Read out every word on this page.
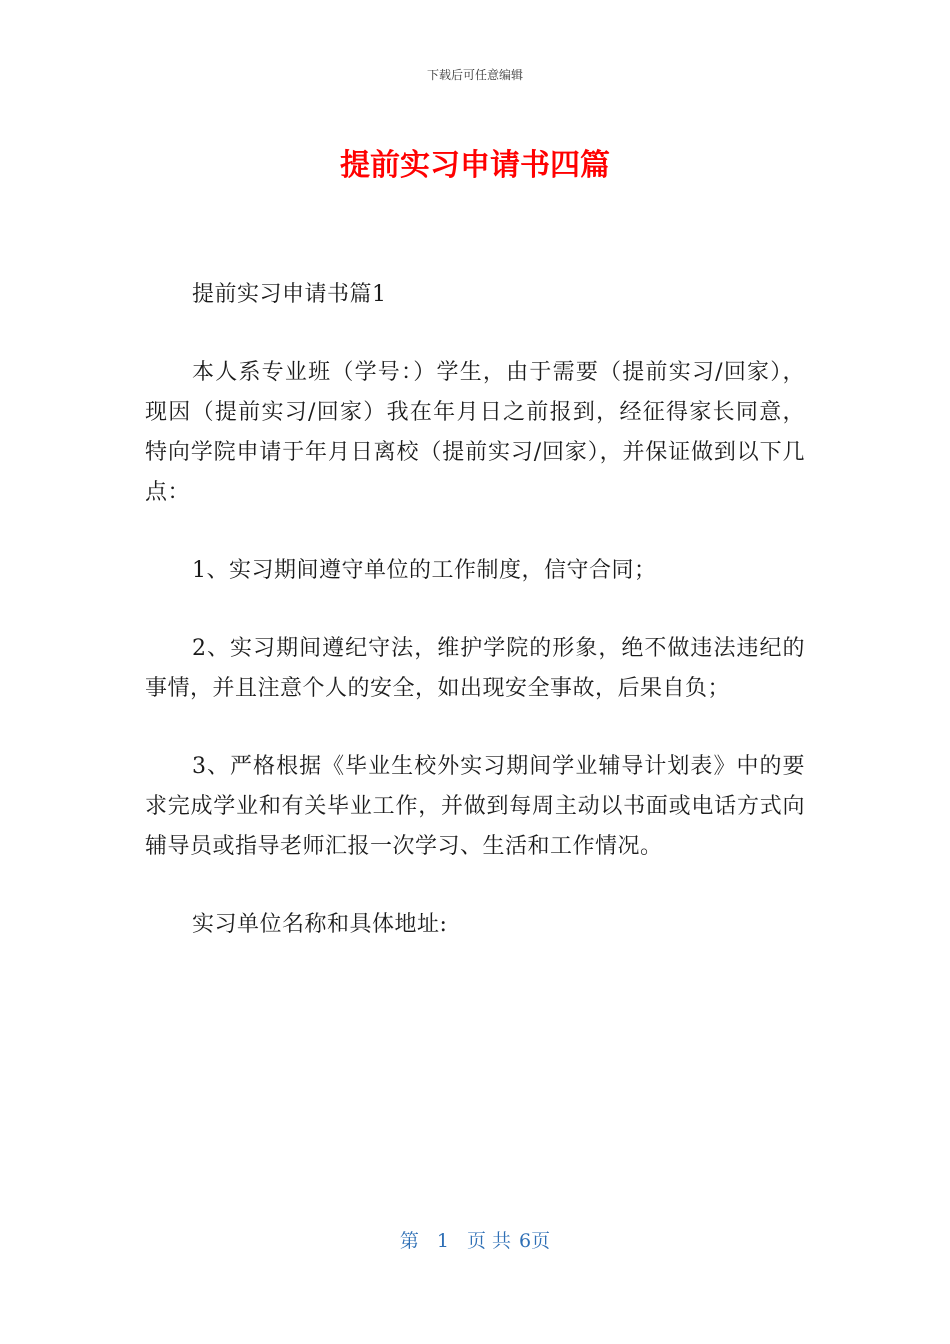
下载后可任意编辑
提前实习申请书四篇

提前实习申请书篇1

本人系专业班（学号：）学生，由于需要（提前实习/回家），现因（提前实习/回家）我在年月日之前报到，经征得家长同意，特向学院申请于年月日离校（提前实习/回家），并保证做到以下几点：

1、实习期间遵守单位的工作制度，信守合同；

2、实习期间遵纪守法，维护学院的形象，绝不做违法违纪的事情，并且注意个人的安全，如出现安全事故，后果自负；

3、严格根据《毕业生校外实习期间学业辅导计划表》中的要求完成学业和有关毕业工作，并做到每周主动以书面或电话方式向辅导员或指导老师汇报一次学习、生活和工作情况。

实习单位名称和具体地址:

第 1 页 共 6页
